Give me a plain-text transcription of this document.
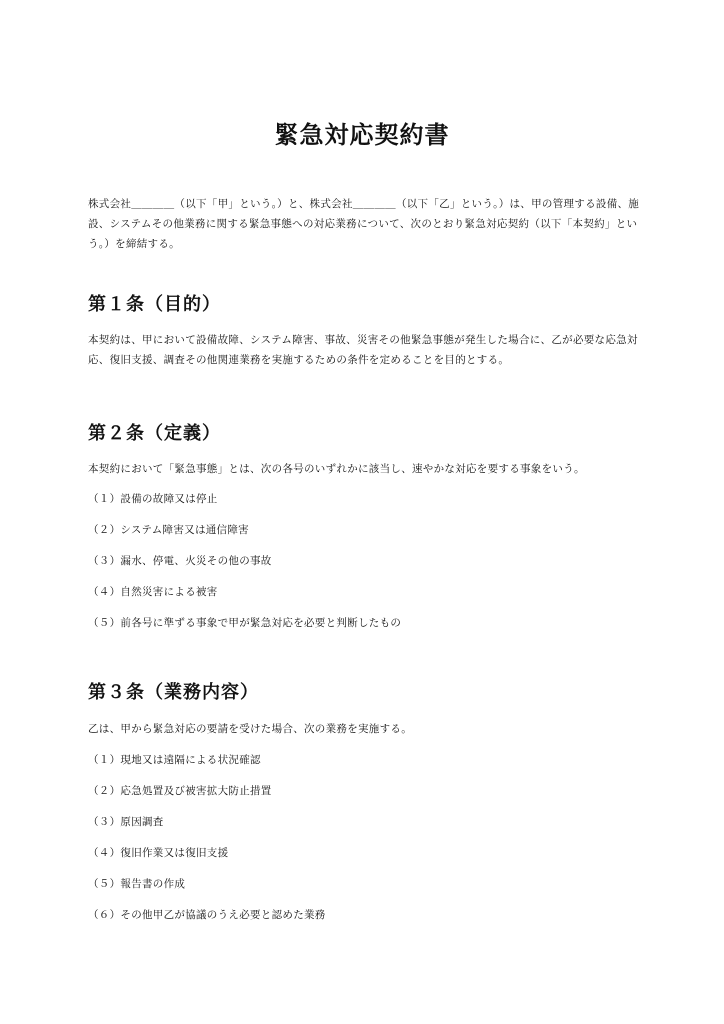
緊急対応契約書

株式会社＿＿＿＿（以下「甲」という。）と、株式会社＿＿＿＿（以下「乙」という。）は、甲の管理する設備、施設、システムその他業務に関する緊急事態への対応業務について、次のとおり緊急対応契約（以下「本契約」という。）を締結する。

第１条（目的）

本契約は、甲において設備故障、システム障害、事故、災害その他緊急事態が発生した場合に、乙が必要な応急対応、復旧支援、調査その他関連業務を実施するための条件を定めることを目的とする。

第２条（定義）

本契約において「緊急事態」とは、次の各号のいずれかに該当し、速やかな対応を要する事象をいう。

（１）設備の故障又は停止

（２）システム障害又は通信障害

（３）漏水、停電、火災その他の事故

（４）自然災害による被害

（５）前各号に準ずる事象で甲が緊急対応を必要と判断したもの

第３条（業務内容）

乙は、甲から緊急対応の要請を受けた場合、次の業務を実施する。

（１）現地又は遠隔による状況確認

（２）応急処置及び被害拡大防止措置

（３）原因調査

（４）復旧作業又は復旧支援

（５）報告書の作成

（６）その他甲乙が協議のうえ必要と認めた業務
